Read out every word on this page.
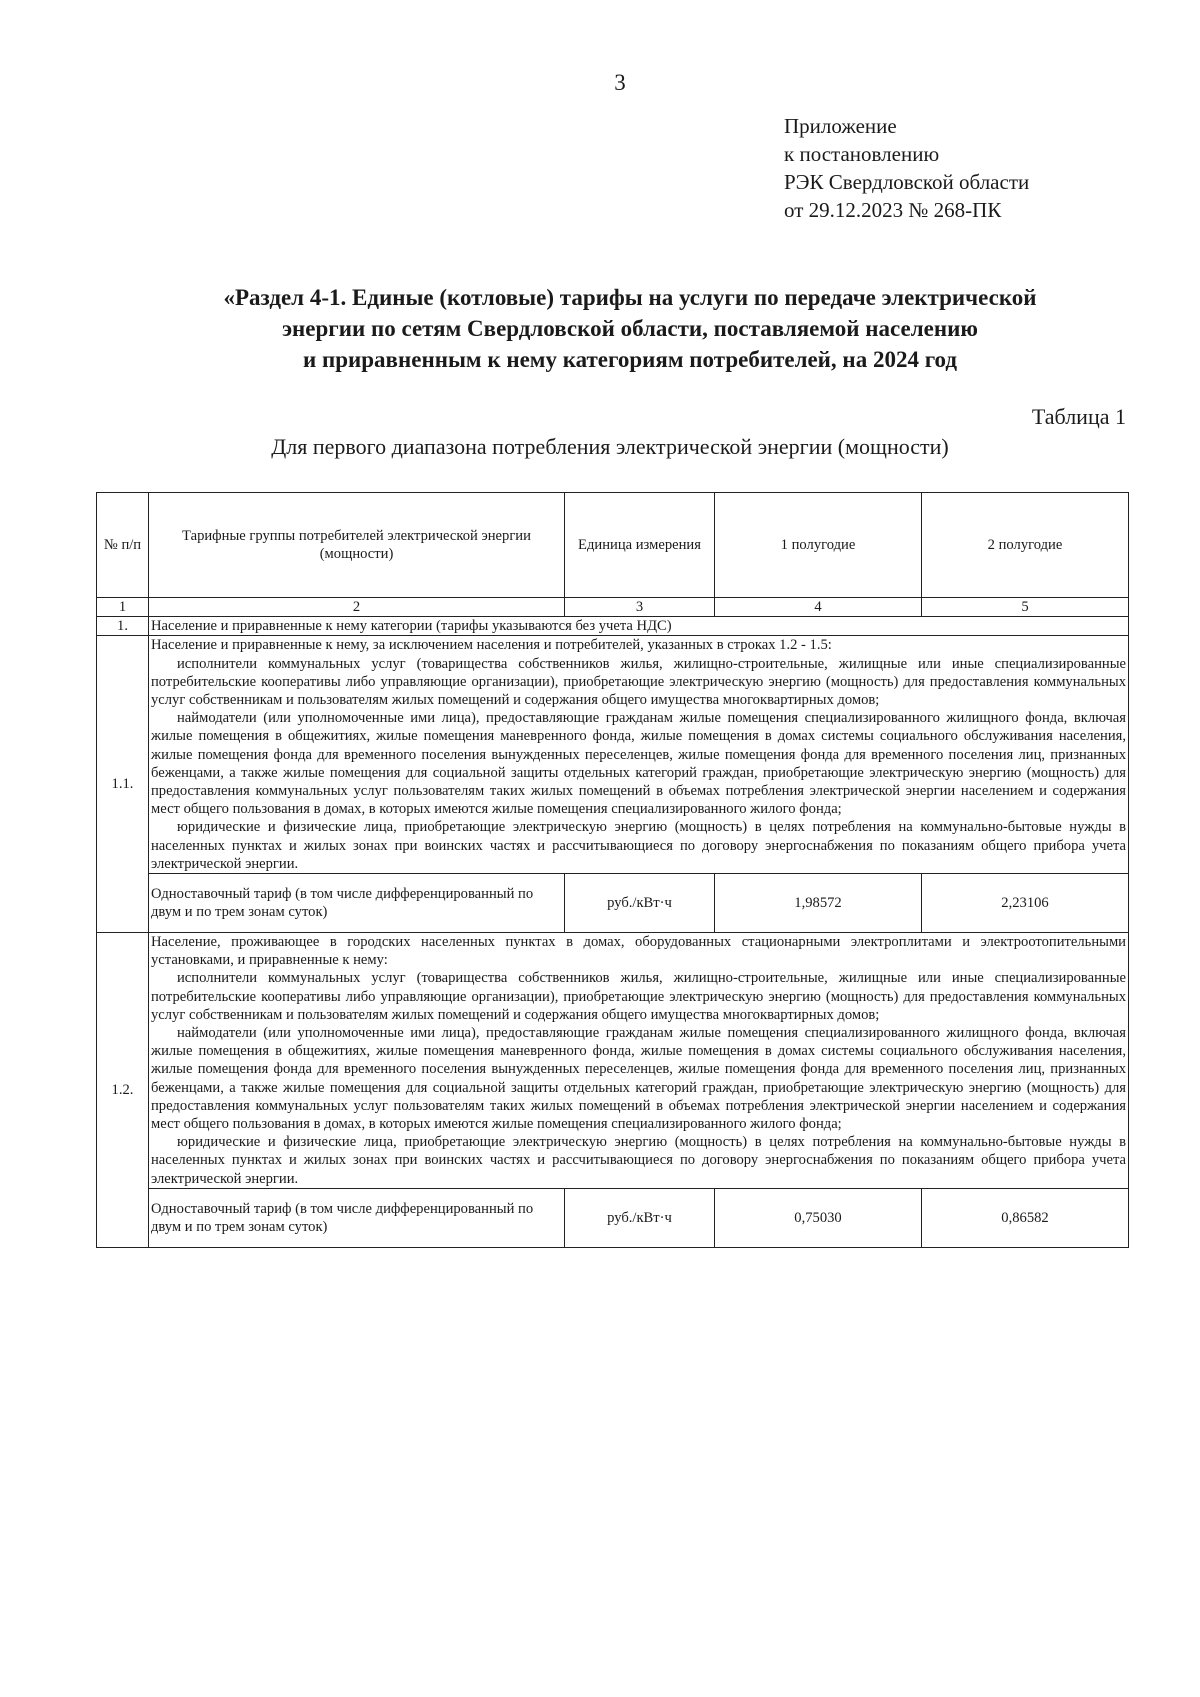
3
Приложение
к постановлению
РЭК Свердловской области
от 29.12.2023 № 268-ПК
«Раздел 4-1. Единые (котловые) тарифы на услуги по передаче электрической
энергии по сетям Свердловской области, поставляемой населению
и приравненным к нему категориям потребителей, на 2024 год
Таблица 1
Для первого диапазона потребления электрической энергии (мощности)
№ п/п	Тарифные группы потребителей электрической энергии (мощности)	Единица измерения	1 полугодие	2 полугодие
1	2	3	4	5
1.	Население и приравненные к нему категории (тарифы указываются без учета НДС)			
1.1.	Население и приравненные к нему, за исключением населения и потребителей, указанных в строках 1.2 - 1.5:
исполнители коммунальных услуг (товарищества собственников жилья, жилищно-строительные, жилищные или иные специализированные потребительские кооперативы либо управляющие организации), приобретающие электрическую энергию (мощность) для предоставления коммунальных услуг собственникам и пользователям жилых помещений и содержания общего имущества многоквартирных домов;
наймодатели (или уполномоченные ими лица), предоставляющие гражданам жилые помещения специализированного жилищного фонда, включая жилые помещения в общежитиях, жилые помещения маневренного фонда, жилые помещения в домах системы социального обслуживания населения, жилые помещения фонда для временного поселения вынужденных переселенцев, жилые помещения фонда для временного поселения лиц, признанных беженцами, а также жилые помещения для социальной защиты отдельных категорий граждан, приобретающие электрическую энергию (мощность) для предоставления коммунальных услуг пользователям таких жилых помещений в объемах потребления электрической энергии населением и содержания мест общего пользования в домах, в которых имеются жилые помещения специализированного жилого фонда;
юридические и физические лица, приобретающие электрическую энергию (мощность) в целях потребления на коммунально-бытовые нужды в населенных пунктах и жилых зонах при воинских частях и рассчитывающиеся по договору энергоснабжения по показаниям общего прибора учета электрической энергии.			

	Одноставочный тариф (в том числе дифференцированный по двум и по трем зонам суток)	руб./кВт·ч	1,98572	2,23106
1.2.	Население, проживающее в городских населенных пунктах в домах, оборудованных стационарными электроплитами и электроотопительными установками, и приравненные к нему:
исполнители коммунальных услуг (товарищества собственников жилья, жилищно-строительные, жилищные или иные специализированные потребительские кооперативы либо управляющие организации), приобретающие электрическую энергию (мощность) для предоставления коммунальных услуг собственникам и пользователям жилых помещений и содержания общего имущества многоквартирных домов;
наймодатели (или уполномоченные ими лица), предоставляющие гражданам жилые помещения специализированного жилищного фонда, включая жилые помещения в общежитиях, жилые помещения маневренного фонда, жилые помещения в домах системы социального обслуживания населения, жилые помещения фонда для временного поселения вынужденных переселенцев, жилые помещения фонда для временного поселения лиц, признанных беженцами, а также жилые помещения для социальной защиты отдельных категорий граждан, приобретающие электрическую энергию (мощность) для предоставления коммунальных услуг пользователям таких жилых помещений в объемах потребления электрической энергии населением и содержания мест общего пользования в домах, в которых имеются жилые помещения специализированного жилого фонда;
юридические и физические лица, приобретающие электрическую энергию (мощность) в целях потребления на коммунально-бытовые нужды в населенных пунктах и жилых зонах при воинских частях и рассчитывающиеся по договору энергоснабжения по показаниям общего прибора учета электрической энергии.			

	Одноставочный тариф (в том числе дифференцированный по двум и по трем зонам суток)	руб./кВт·ч	0,75030	0,86582
